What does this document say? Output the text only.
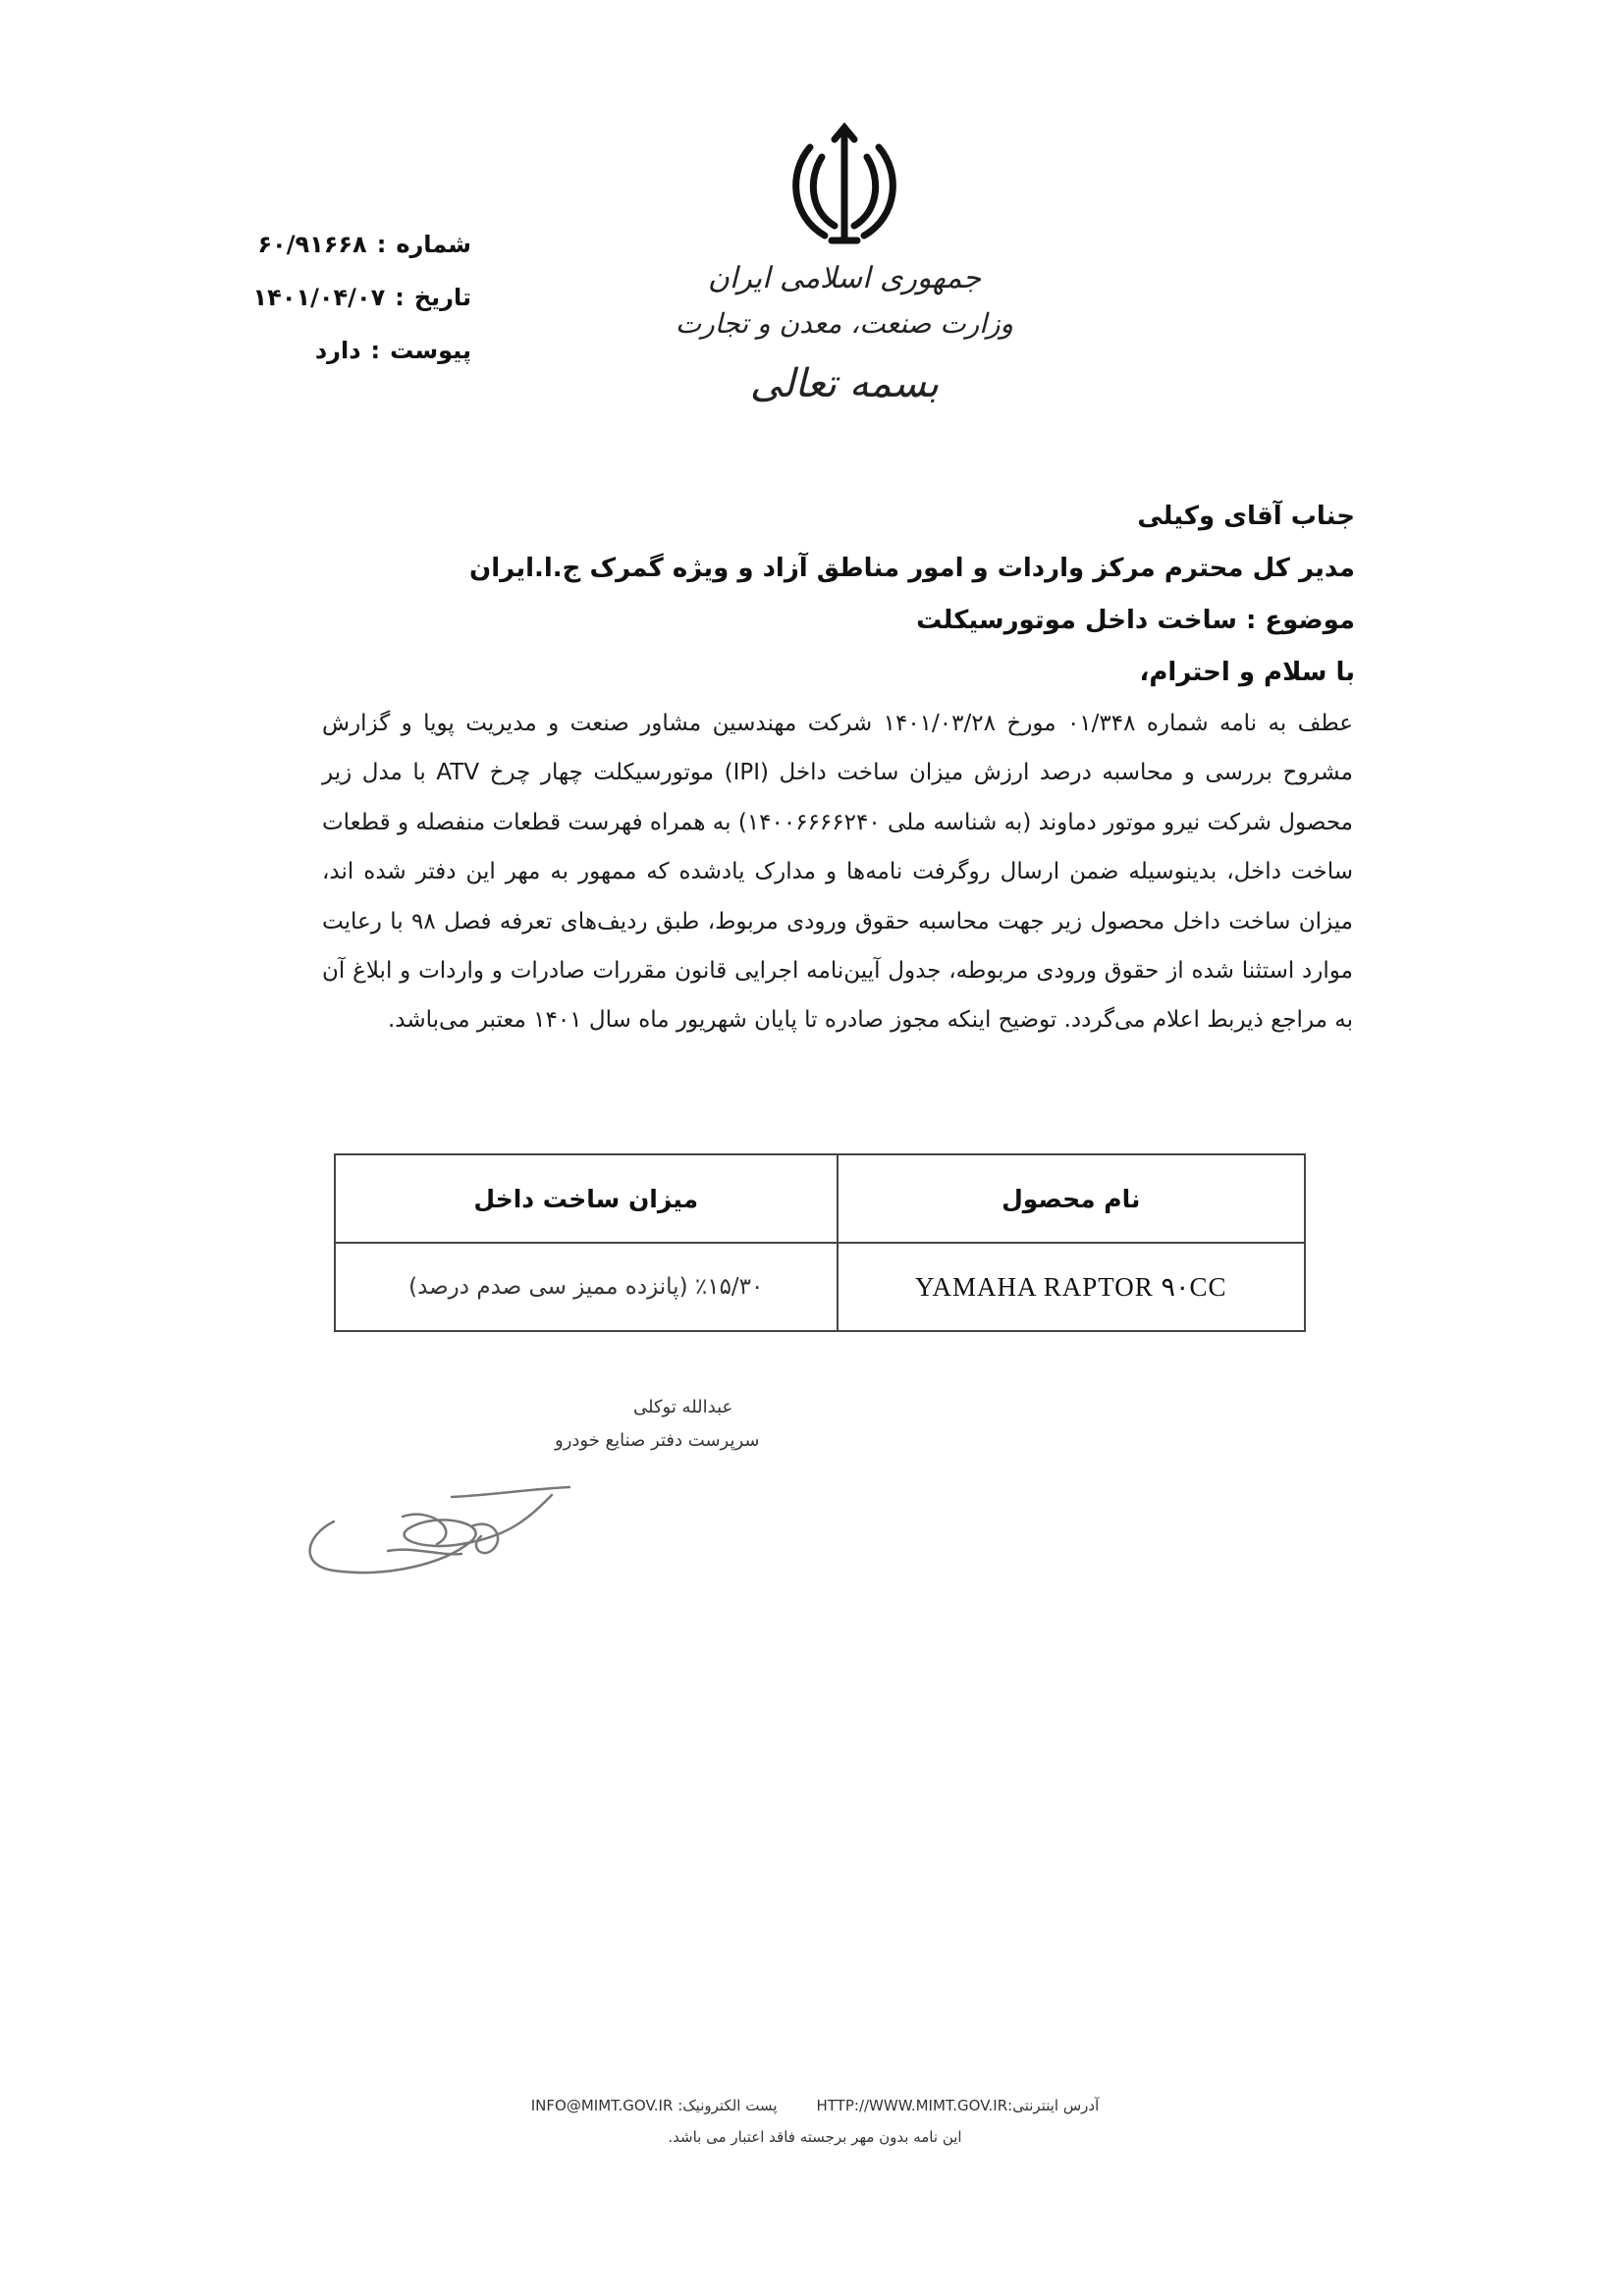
جمهوری اسلامی ایران
وزارت صنعت، معدن و تجارت
بسمه تعالی
شماره
:
۶۰/۹۱۶۶۸
تاریخ
:
۱۴۰۱/۰۴/۰۷
پیوست
:
دارد
جناب آقای وکیلی
مدیر کل محترم مرکز واردات و امور مناطق آزاد و ویژه گمرک ج.ا.ایران
موضوع : ساخت داخل موتورسیکلت
با سلام و احترام،
عطف به نامه شماره ۰۱/۳۴۸ مورخ ۱۴۰۱/۰۳/۲۸ شرکت مهندسین مشاور صنعت و مدیریت پویا و گزارش مشروح بررسی و محاسبه درصد ارزش میزان ساخت داخل (IPI) موتورسیکلت چهار چرخ ATV با مدل زیر محصول شرکت نیرو موتور دماوند (به شناسه ملی ۱۴۰۰۶۶۶۶۲۴۰) به همراه فهرست قطعات منفصله و قطعات ساخت داخل، بدینوسیله ضمن ارسال روگرفت نامه‌ها و مدارک یاد‌شده که ممهور به مهر این دفتر شده اند، میزان ساخت داخل محصول زیر جهت محاسبه حقوق ورودی مربوط، طبق ردیف‌های تعرفه فصل ۹۸ با رعایت موارد استثنا شده از حقوق ورودی مربوطه، جدول آیین‌نامه اجرایی قانون مقررات صادرات و واردات و ابلاغ آن به مراجع ذیربط اعلام می‌گردد. توضیح اینکه مجوز صادره تا پایان شهریور ماه سال ۱۴۰۱ معتبر می‌باشد.
نام محصول	میزان ساخت داخل
YAMAHA RAPTOR ۹۰CC	٪۱۵/۳۰ (پانزده ممیز سی صدم درصد)
عبدالله توکلی
سرپرست دفتر صنایع خودرو
آدرس اینترنتی:HTTP://WWW.MIMT.GOV.IR
پست الکترونیک: INFO@MIMT.GOV.IR
این نامه بدون مهر برجسته فاقد اعتبار می باشد.
